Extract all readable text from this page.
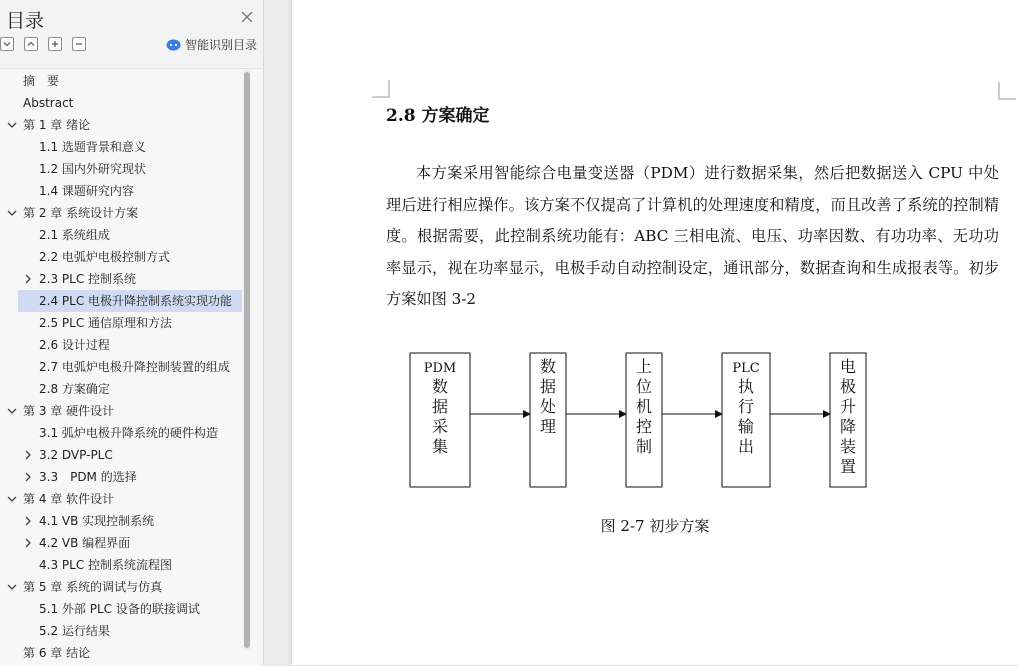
目录
智能识别目录
摘　要
Abstract
第 1 章 绪论
1.1 选题背景和意义
1.2 国内外研究现状
1.4 课题研究内容
第 2 章 系统设计方案
2.1 系统组成
2.2 电弧炉电极控制方式
2.3 PLC 控制系统
2.4 PLC 电极升降控制系统实现功能
2.5 PLC 通信原理和方法
2.6 设计过程
2.7 电弧炉电极升降控制装置的组成
2.8 方案确定
第 3 章 硬件设计
3.1 弧炉电极升降系统的硬件构造
3.2 DVP-PLC
3.3　PDM 的选择
第 4 章 软件设计
4.1 VB 实现控制系统
4.2 VB 编程界面
4.3 PLC 控制系统流程图
第 5 章 系统的调试与仿真
5.1 外部 PLC 设备的联接调试
5.2 运行结果
第 6 章 结论
2.8 方案确定
本方案采用智能综合电量变送器（PDM）进行数据采集，然后把数据送入 CPU 中处理后进行相应操作。该方案不仅提高了计算机的处理速度和精度，而且改善了系统的控制精度。根据需要，此控制系统功能有：ABC 三相电流、电压、功率因数、有功功率、无功功率显示，视在功率显示，电极手动自动控制设定，通讯部分，数据查询和生成报表等。初步方案如图 3-2
PDM
数
据
采
集
数
据
处
理
上
位
机
控
制
PLC
执
行
输
出
电
极
升
降
装
置
图 2-7 初步方案
